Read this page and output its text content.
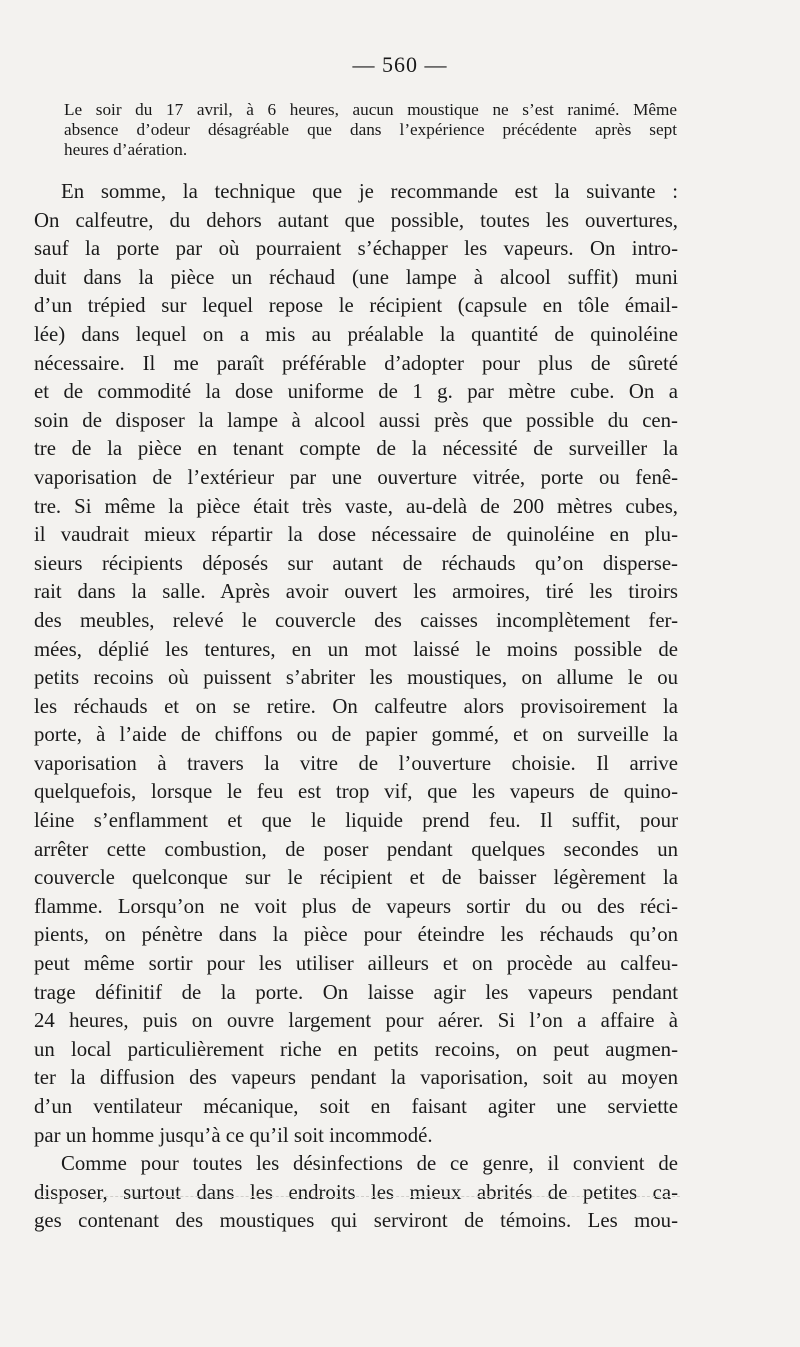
— 560 —

Le soir du 17 avril, à 6 heures, aucun moustique ne s’est ranimé. Même
absence d’odeur désagréable que dans l’expérience précédente après sept
heures d’aération.

En somme, la technique que je recommande est la suivante :
On calfeutre, du dehors autant que possible, toutes les ouvertures,
sauf la porte par où pourraient s’échapper les vapeurs. On intro-
duit dans la pièce un réchaud (une lampe à alcool suffit) muni
d’un trépied sur lequel repose le récipient (capsule en tôle émail-
lée) dans lequel on a mis au préalable la quantité de quinoléine
nécessaire. Il me paraît préférable d’adopter pour plus de sûreté
et de commodité la dose uniforme de 1 g. par mètre cube. On a
soin de disposer la lampe à alcool aussi près que possible du cen-
tre de la pièce en tenant compte de la nécessité de surveiller la
vaporisation de l’extérieur par une ouverture vitrée, porte ou fenê-
tre. Si même la pièce était très vaste, au-delà de 200 mètres cubes,
il vaudrait mieux répartir la dose nécessaire de quinoléine en plu-
sieurs récipients déposés sur autant de réchauds qu’on disperse-
rait dans la salle. Après avoir ouvert les armoires, tiré les tiroirs
des meubles, relevé le couvercle des caisses incomplètement fer-
mées, déplié les tentures, en un mot laissé le moins possible de
petits recoins où puissent s’abriter les moustiques, on allume le ou
les réchauds et on se retire. On calfeutre alors provisoirement la
porte, à l’aide de chiffons ou de papier gommé, et on surveille la
vaporisation à travers la vitre de l’ouverture choisie. Il arrive
quelquefois, lorsque le feu est trop vif, que les vapeurs de quino-
léine s’enflamment et que le liquide prend feu. Il suffit, pour
arrêter cette combustion, de poser pendant quelques secondes un
couvercle quelconque sur le récipient et de baisser légèrement la
flamme. Lorsqu’on ne voit plus de vapeurs sortir du ou des réci-
pients, on pénètre dans la pièce pour éteindre les réchauds qu’on
peut même sortir pour les utiliser ailleurs et on procède au calfeu-
trage définitif de la porte. On laisse agir les vapeurs pendant
24 heures, puis on ouvre largement pour aérer. Si l’on a affaire à
un local particulièrement riche en petits recoins, on peut augmen-
ter la diffusion des vapeurs pendant la vaporisation, soit au moyen
d’un ventilateur mécanique, soit en faisant agiter une serviette
par un homme jusqu’à ce qu’il soit incommodé.
Comme pour toutes les désinfections de ce genre, il convient de
disposer, surtout dans les endroits les mieux abrités de petites ca-
ges contenant des moustiques qui serviront de témoins. Les mou-
